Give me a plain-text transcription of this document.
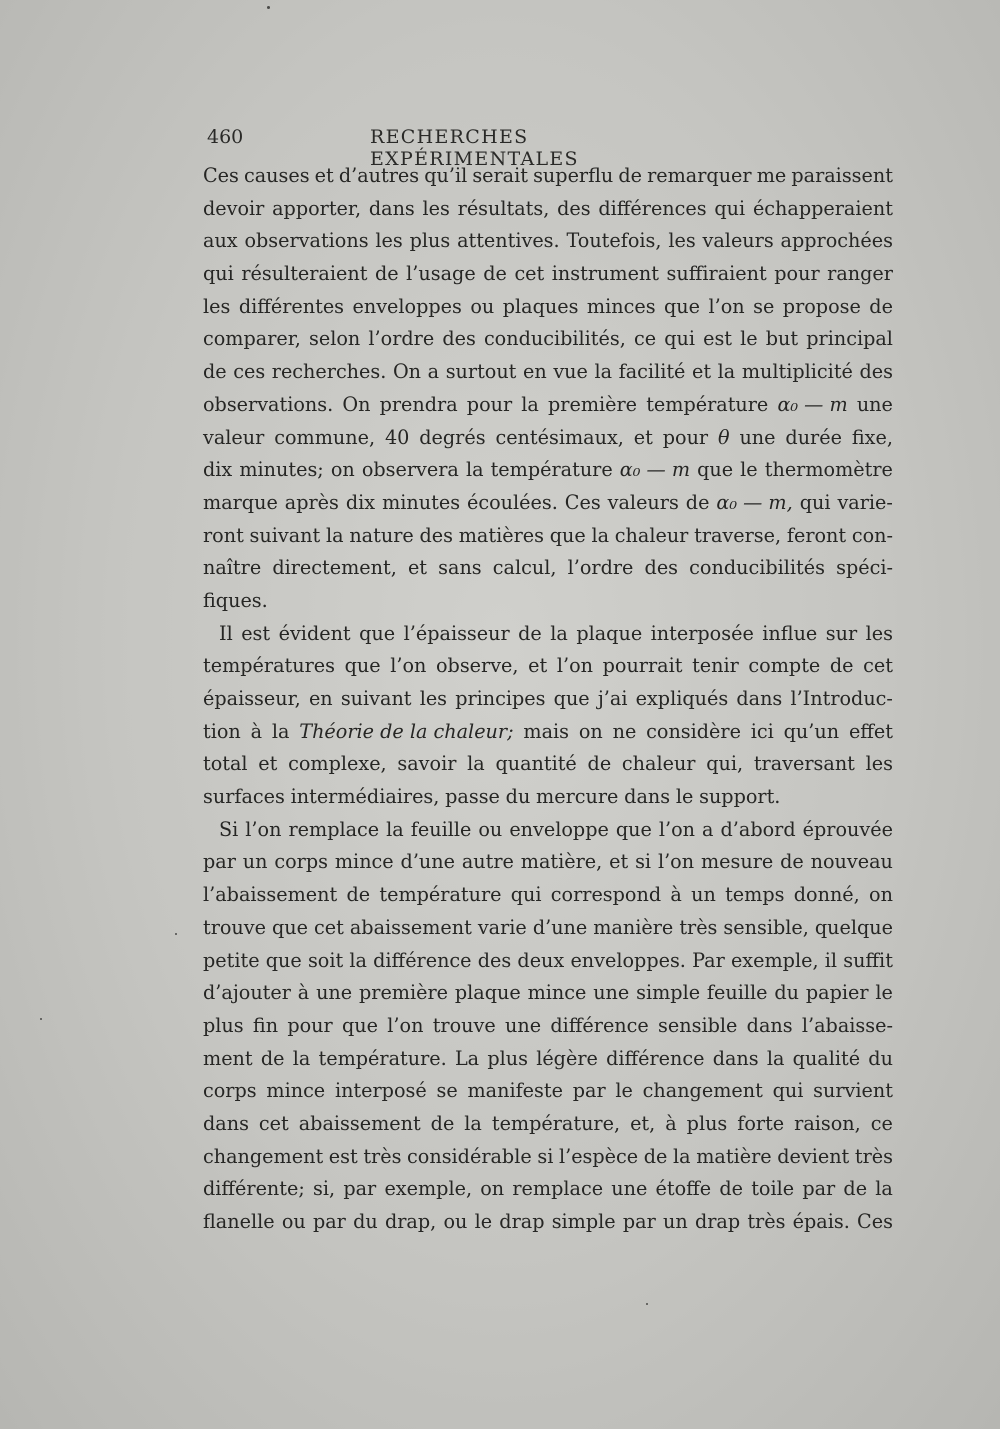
460	RECHERCHES EXPÉRIMENTALES
Ces causes et d’autres qu’il serait superflu de remarquer me paraissent
devoir apporter, dans les résultats, des différences qui échapperaient
aux observations les plus attentives. Toutefois, les valeurs approchées
qui résulteraient de l’usage de cet instrument suffiraient pour ranger
les différentes enveloppes ou plaques minces que l’on se propose de
comparer, selon l’ordre des conducibilités, ce qui est le but principal
de ces recherches. On a surtout en vue la facilité et la multiplicité des
observations. On prendra pour la première température α₀ — m une
valeur commune, 40 degrés centésimaux, et pour θ une durée fixe,
dix minutes; on observera la température α₀ — m que le thermomètre
marque après dix minutes écoulées. Ces valeurs de α₀ — m, qui varie-
ront suivant la nature des matières que la chaleur traverse, feront con-
naître directement, et sans calcul, l’ordre des conducibilités spéci-
fiques.
Il est évident que l’épaisseur de la plaque interposée influe sur les
températures que l’on observe, et l’on pourrait tenir compte de cet
épaisseur, en suivant les principes que j’ai expliqués dans l’Introduc-
tion à la Théorie de la chaleur; mais on ne considère ici qu’un effet
total et complexe, savoir la quantité de chaleur qui, traversant les
surfaces intermédiaires, passe du mercure dans le support.
Si l’on remplace la feuille ou enveloppe que l’on a d’abord éprouvée
par un corps mince d’une autre matière, et si l’on mesure de nouveau
l’abaissement de température qui correspond à un temps donné, on
trouve que cet abaissement varie d’une manière très sensible, quelque
petite que soit la différence des deux enveloppes. Par exemple, il suffit
d’ajouter à une première plaque mince une simple feuille du papier le
plus fin pour que l’on trouve une différence sensible dans l’abaisse-
ment de la température. La plus légère différence dans la qualité du
corps mince interposé se manifeste par le changement qui survient
dans cet abaissement de la température, et, à plus forte raison, ce
changement est très considérable si l’espèce de la matière devient très
différente; si, par exemple, on remplace une étoffe de toile par de la
flanelle ou par du drap, ou le drap simple par un drap très épais. Ces
